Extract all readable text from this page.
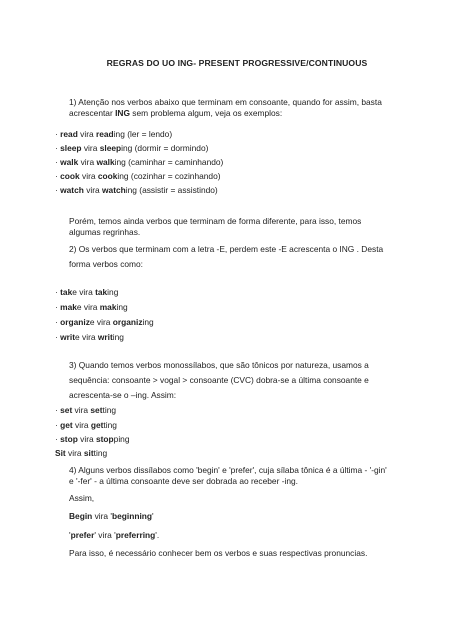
REGRAS DO UO ING- PRESENT PROGRESSIVE/CONTINUOUS
1) Atenção nos verbos abaixo que terminam em consoante, quando for assim, basta
acrescentar ING sem problema algum, veja os exemplos:
· read vira reading (ler = lendo)
· sleep vira sleeping (dormir = dormindo)
· walk vira walking (caminhar = caminhando)
· cook vira cooking (cozinhar = cozinhando)
· watch vira watching (assistir = assistindo)
Porém, temos ainda verbos que terminam de forma diferente, para isso, temos
algumas regrinhas.
2) Os verbos que terminam com a letra -E, perdem este -E acrescenta o ING . Desta
forma verbos como:
· take vira taking
· make vira making
· organize vira organizing
· write vira writing
3) Quando temos verbos monossílabos, que são tônicos por natureza, usamos a
sequência: consoante > vogal > consoante (CVC) dobra-se a última consoante e
acrescenta-se o –ing. Assim:
· set vira setting
· get vira getting
· stop vira stopping
Sit vira sitting
4) Alguns verbos dissílabos como 'begin' e 'prefer', cuja sílaba tônica é a última - '-gin'
e '-fer' - a última consoante deve ser dobrada ao receber -ing.
Assim,
Begin vira 'beginning'
'prefer' vira 'preferring'.
Para isso, é necessário conhecer bem os verbos e suas respectivas pronuncias.
